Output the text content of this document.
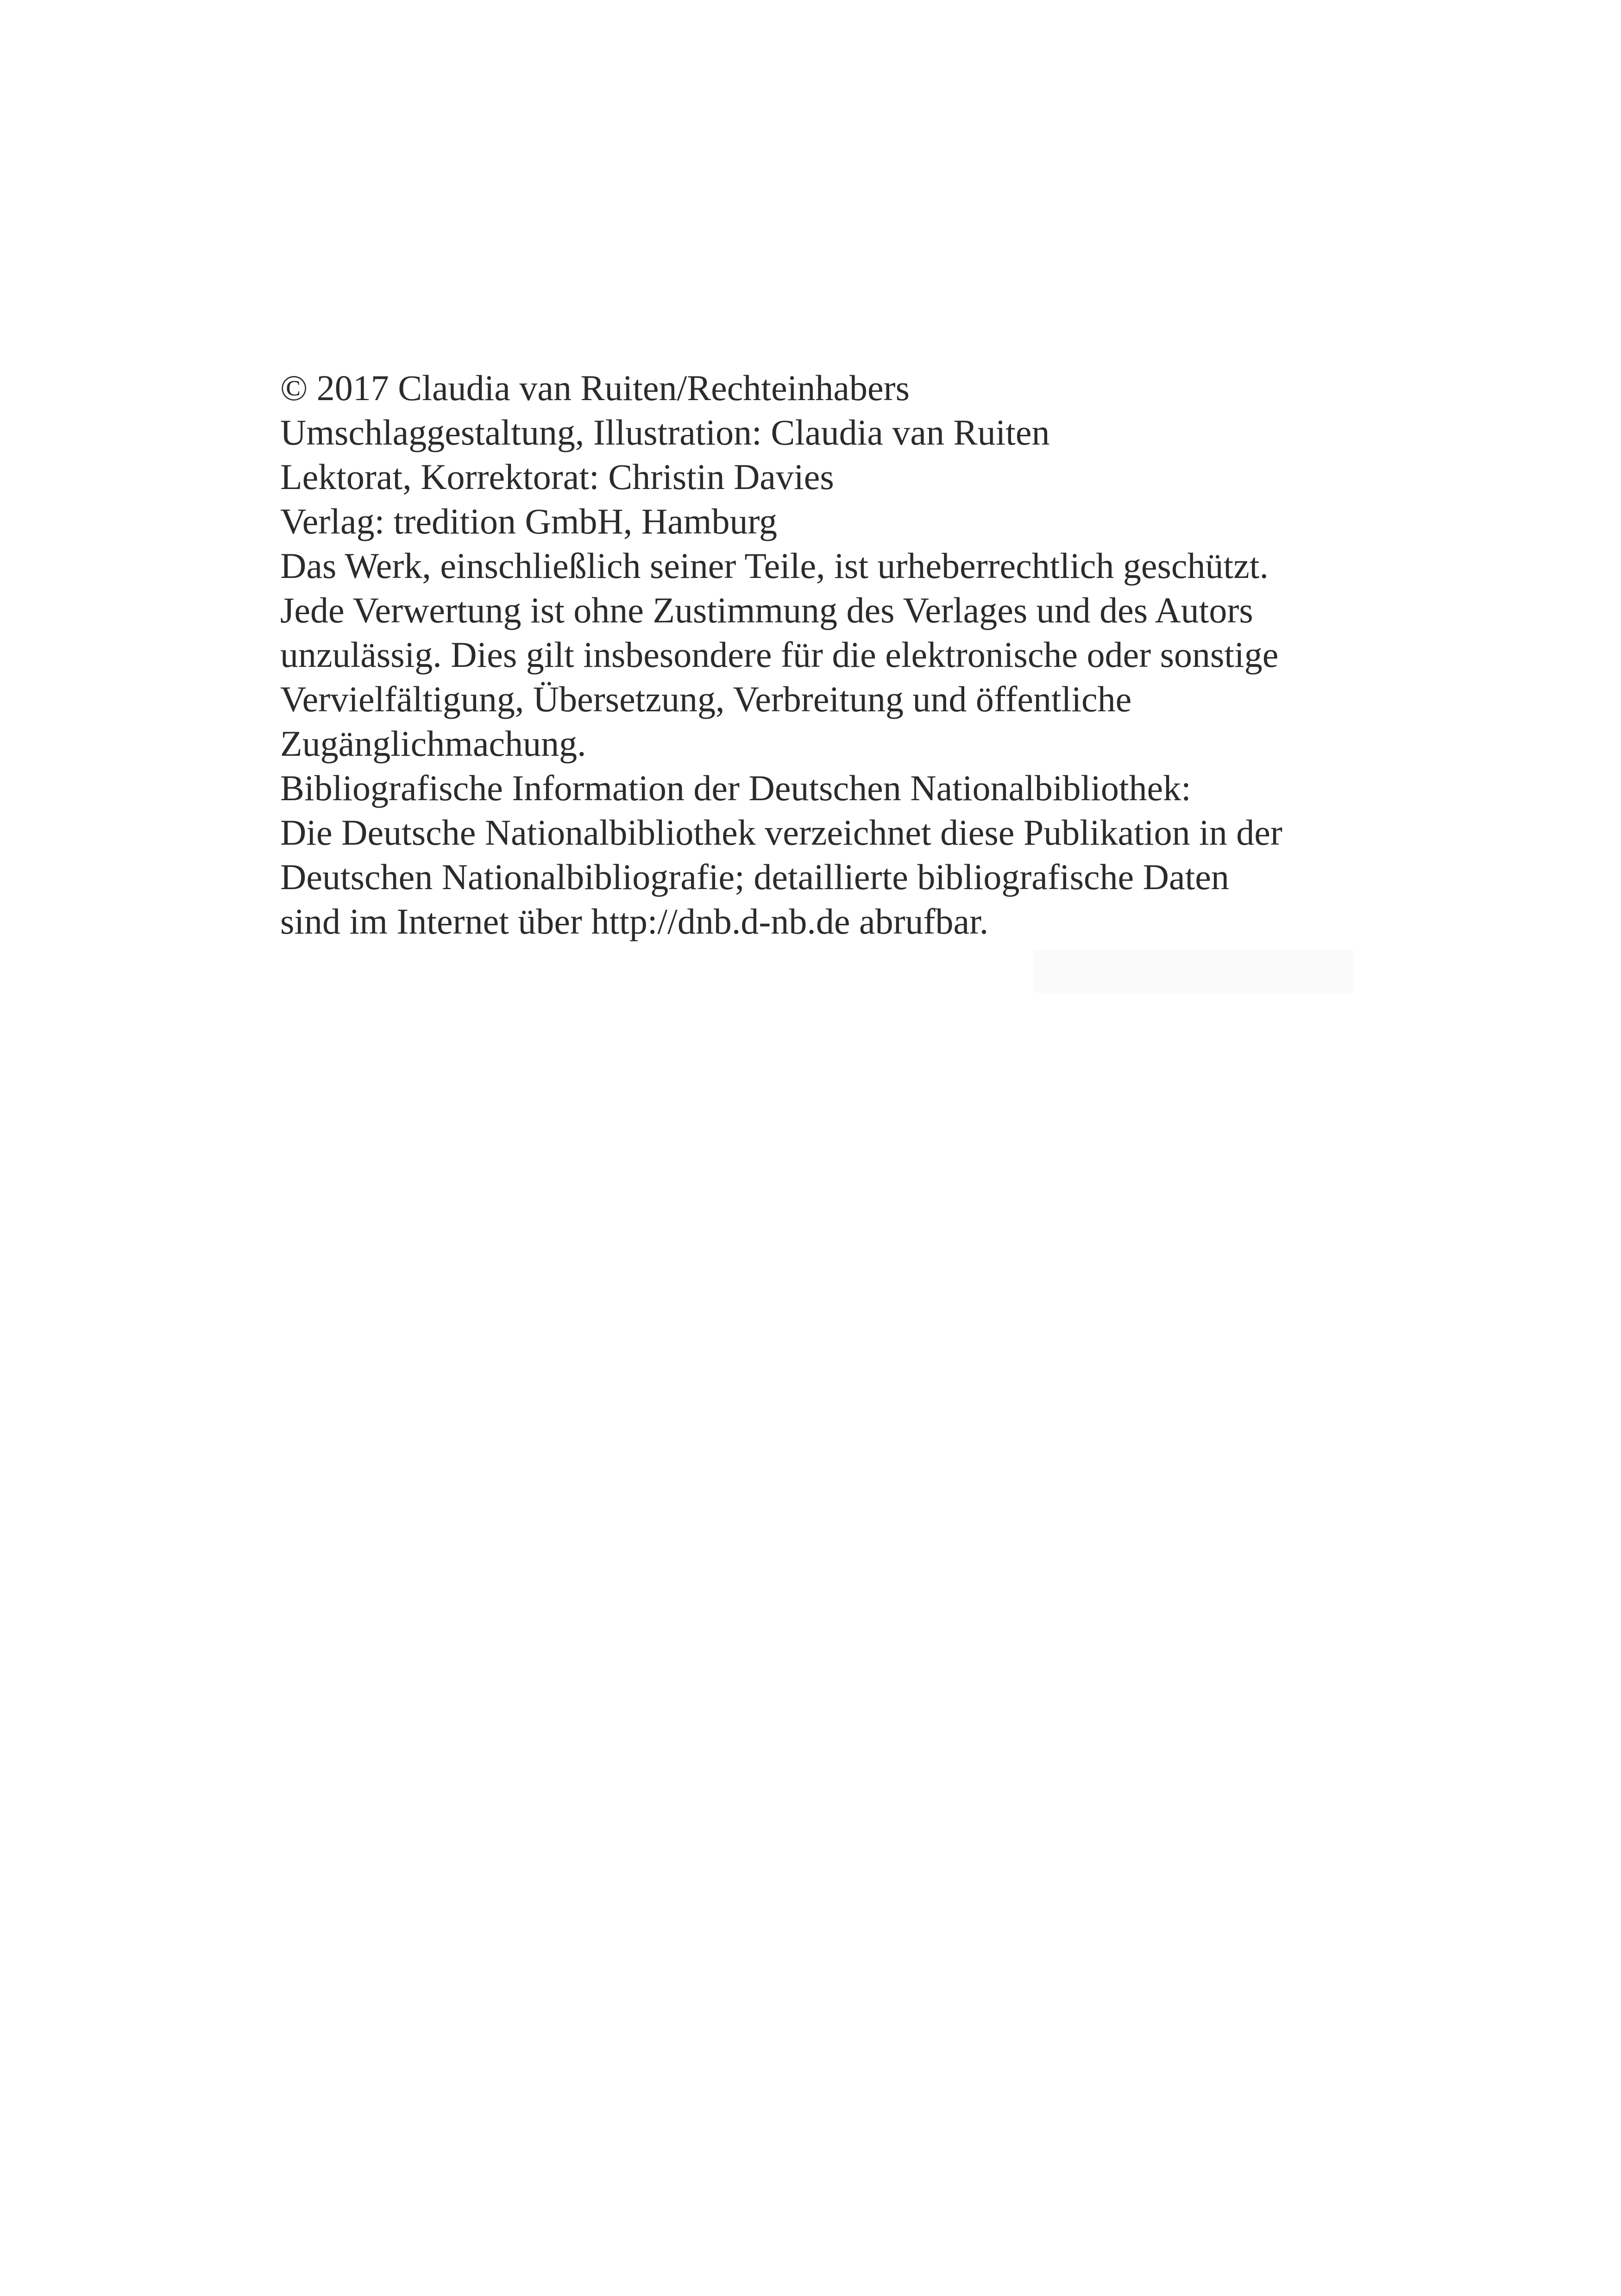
© 2017 Claudia van Ruiten/Rechteinhabers
Umschlaggestaltung, Illustration: Claudia van Ruiten
Lektorat, Korrektorat: Christin Davies
Verlag: tredition GmbH, Hamburg
Das Werk, einschließlich seiner Teile, ist urheberrechtlich geschützt.
Jede Verwertung ist ohne Zustimmung des Verlages und des Autors
unzulässig. Dies gilt insbesondere für die elektronische oder sonstige
Vervielfältigung, Übersetzung, Verbreitung und öffentliche
Zugänglichmachung.
Bibliografische Information der Deutschen Nationalbibliothek:
Die Deutsche Nationalbibliothek verzeichnet diese Publikation in der
Deutschen Nationalbibliografie; detaillierte bibliografische Daten
sind im Internet über http://dnb.d-nb.de abrufbar.
